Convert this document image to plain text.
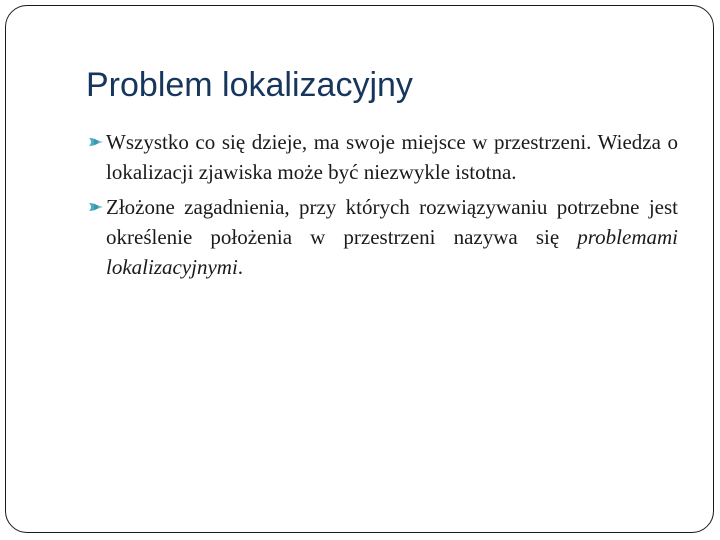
Problem lokalizacyjny
Wszystko co się dzieje, ma swoje miejsce w przestrzeni. Wiedza o lokalizacji zjawiska może być niezwykle istotna.
Złożone zagadnienia, przy których rozwiązywaniu potrzebne jest określenie położenia w przestrzeni nazywa się problemami lokalizacyjnymi.
